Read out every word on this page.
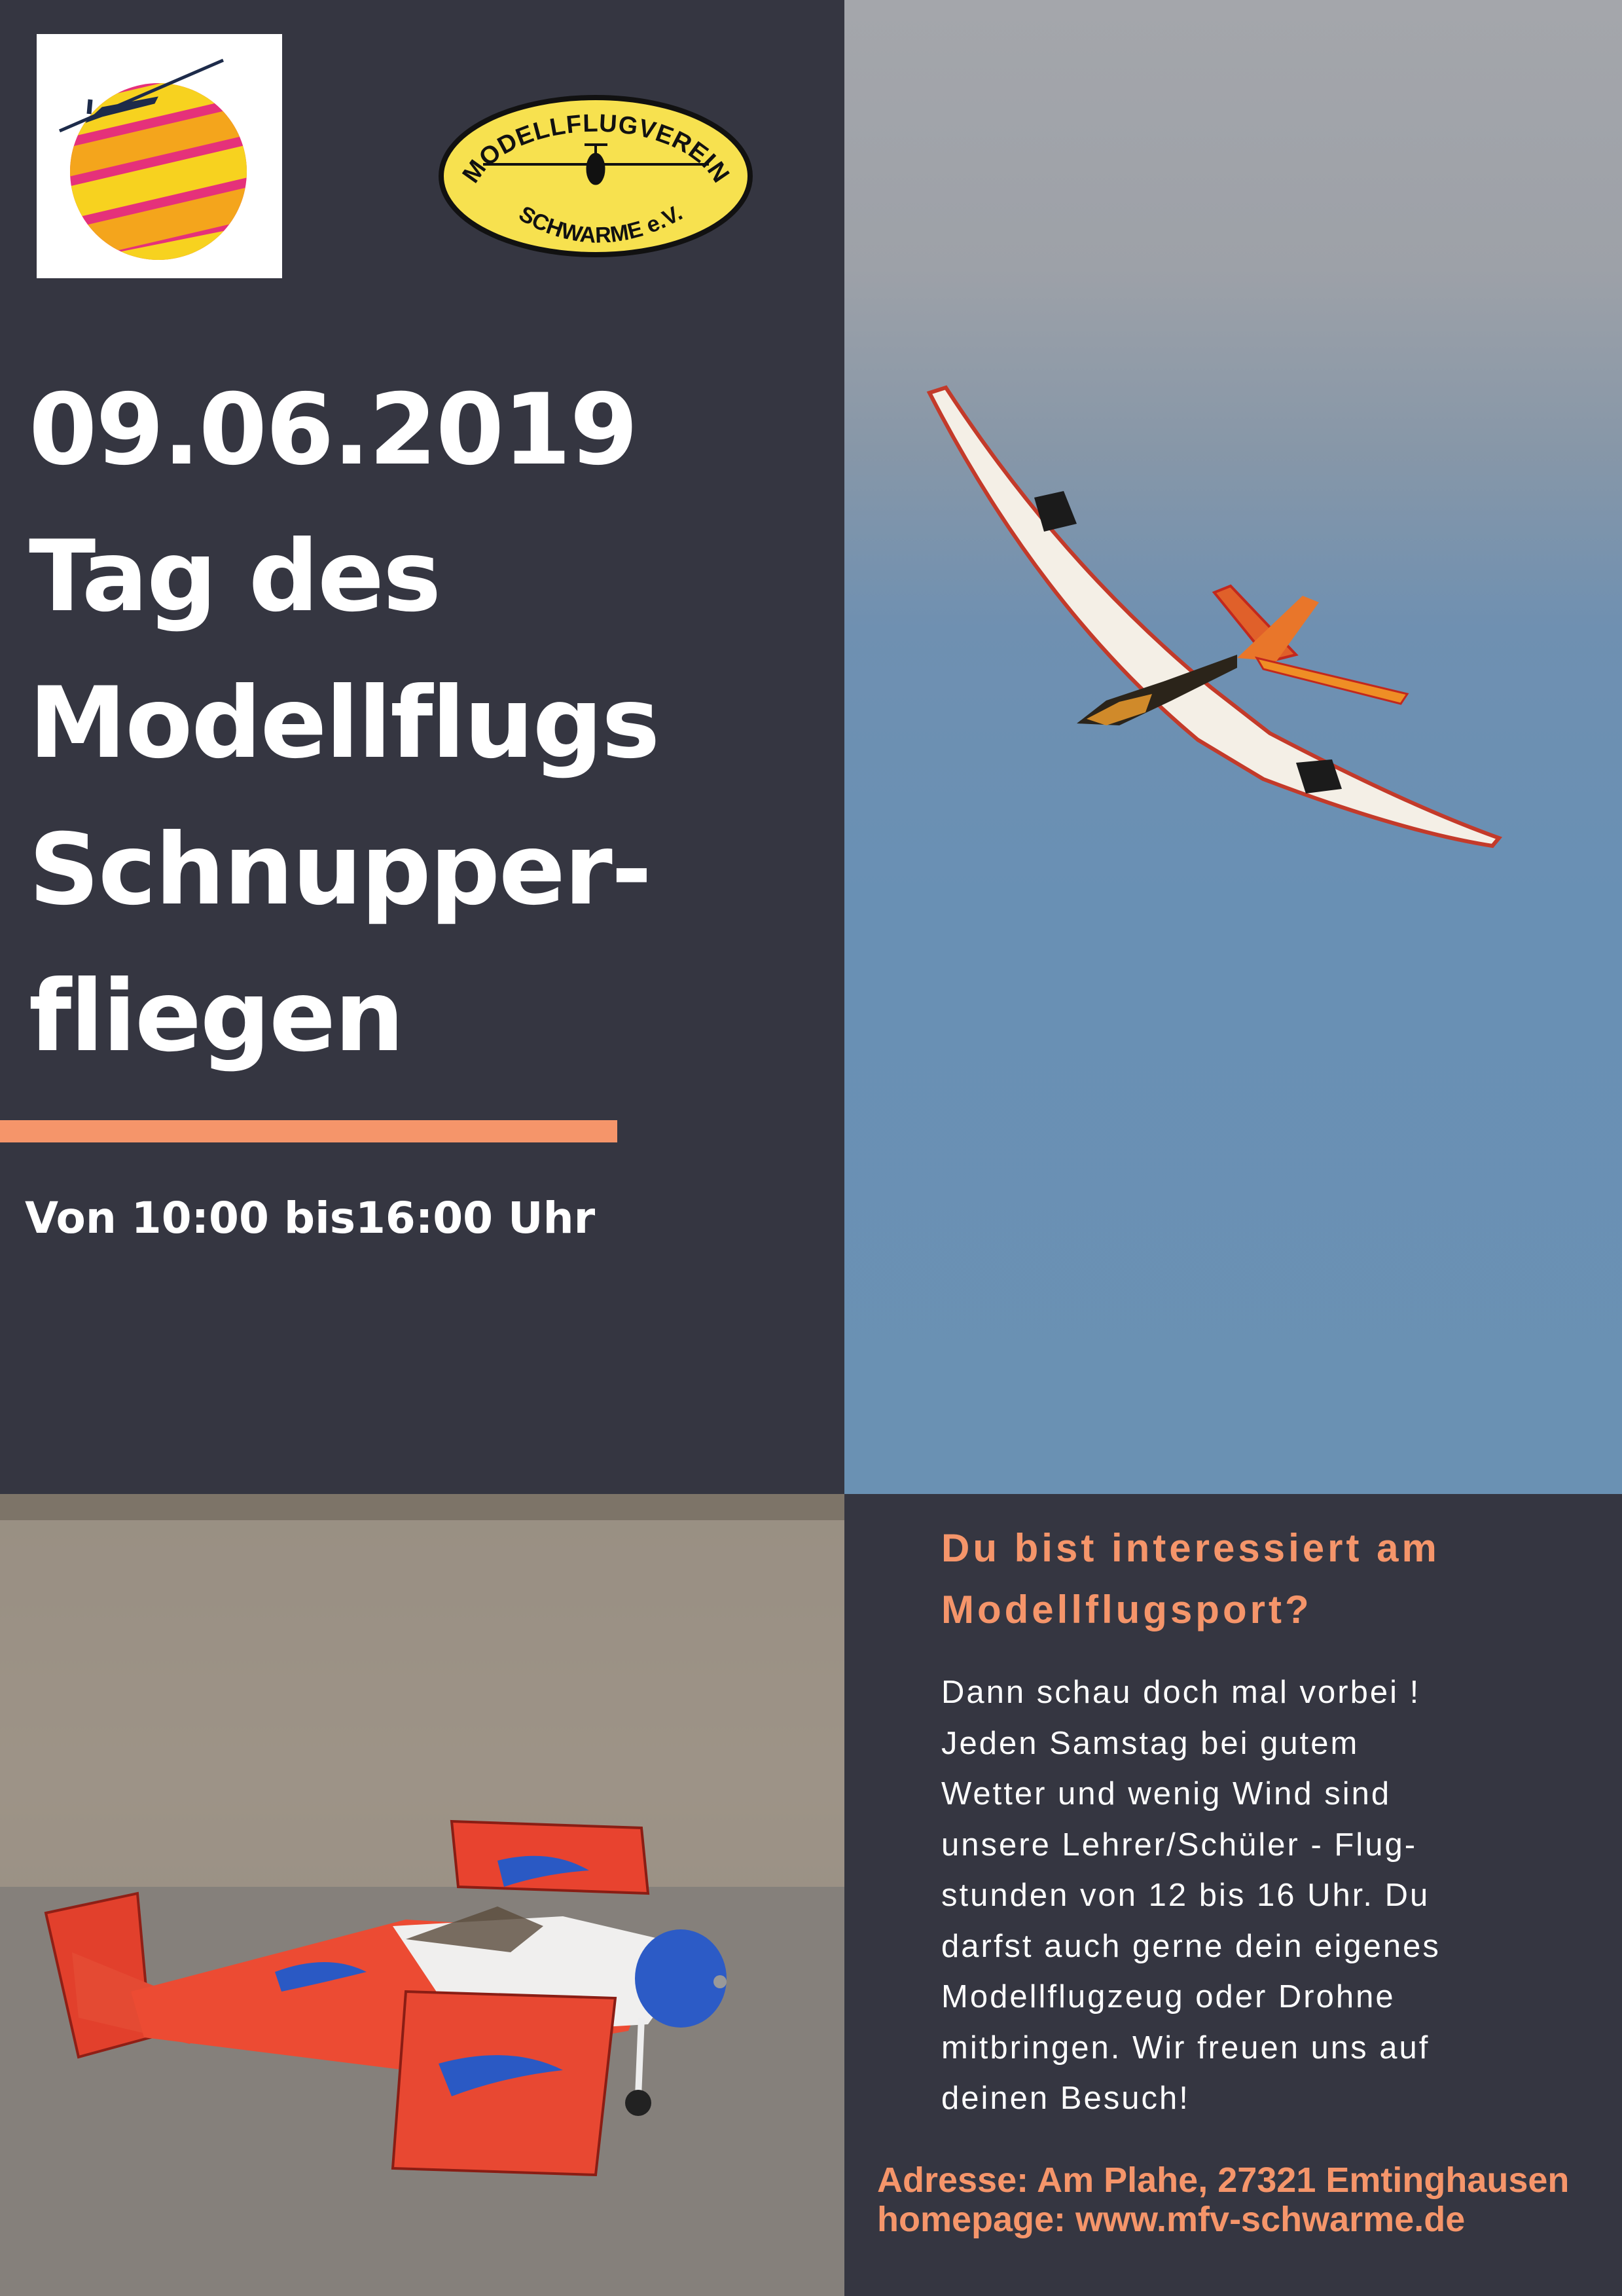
MODELLFLUGVEREIN
SCHWARME e.V.
09.06.2019
Tag des
Modellflugs
Schnupper-
fliegen
Von 10:00 bis16:00 Uhr
Du bist interessiert am Modellflugsport?
Dann schau doch mal vorbei !
Jeden Samstag bei gutem
Wetter und wenig Wind sind
unsere Lehrer/Schüler - Flug-
stunden von 12 bis 16 Uhr. Du
darfst auch gerne dein eigenes
Modellflugzeug oder Drohne
mitbringen. Wir freuen uns auf
deinen Besuch!
Adresse: Am Plahe, 27321 Emtinghausen
homepage: www.mfv-schwarme.de
